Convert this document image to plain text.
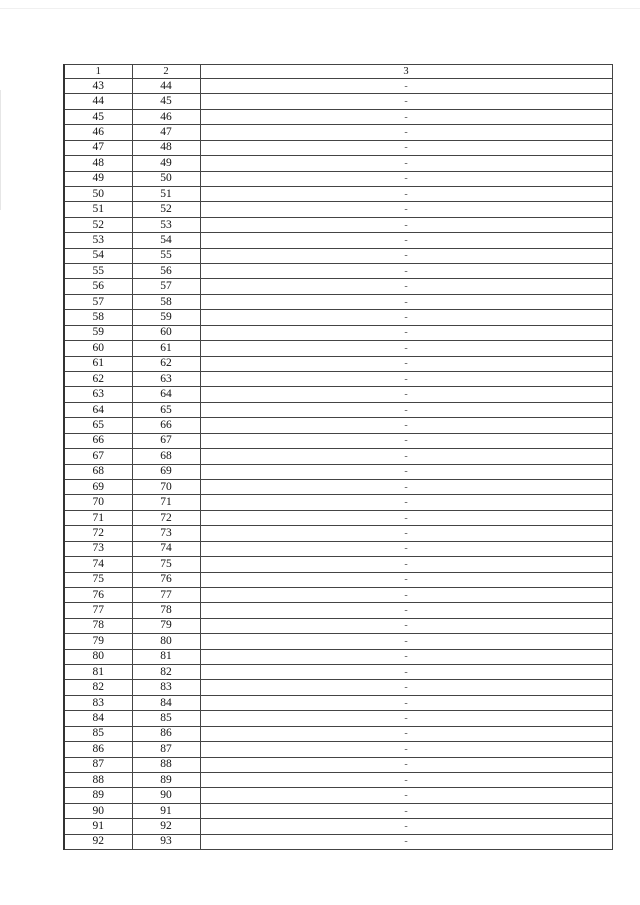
1	2	3
43	44	-
44	45	-
45	46	-
46	47	-
47	48	-
48	49	-
49	50	-
50	51	-
51	52	-
52	53	-
53	54	-
54	55	-
55	56	-
56	57	-
57	58	-
58	59	-
59	60	-
60	61	-
61	62	-
62	63	-
63	64	-
64	65	-
65	66	-
66	67	-
67	68	-
68	69	-
69	70	-
70	71	-
71	72	-
72	73	-
73	74	-
74	75	-
75	76	-
76	77	-
77	78	-
78	79	-
79	80	-
80	81	-
81	82	-
82	83	-
83	84	-
84	85	-
85	86	-
86	87	-
87	88	-
88	89	-
89	90	-
90	91	-
91	92	-
92	93	-
